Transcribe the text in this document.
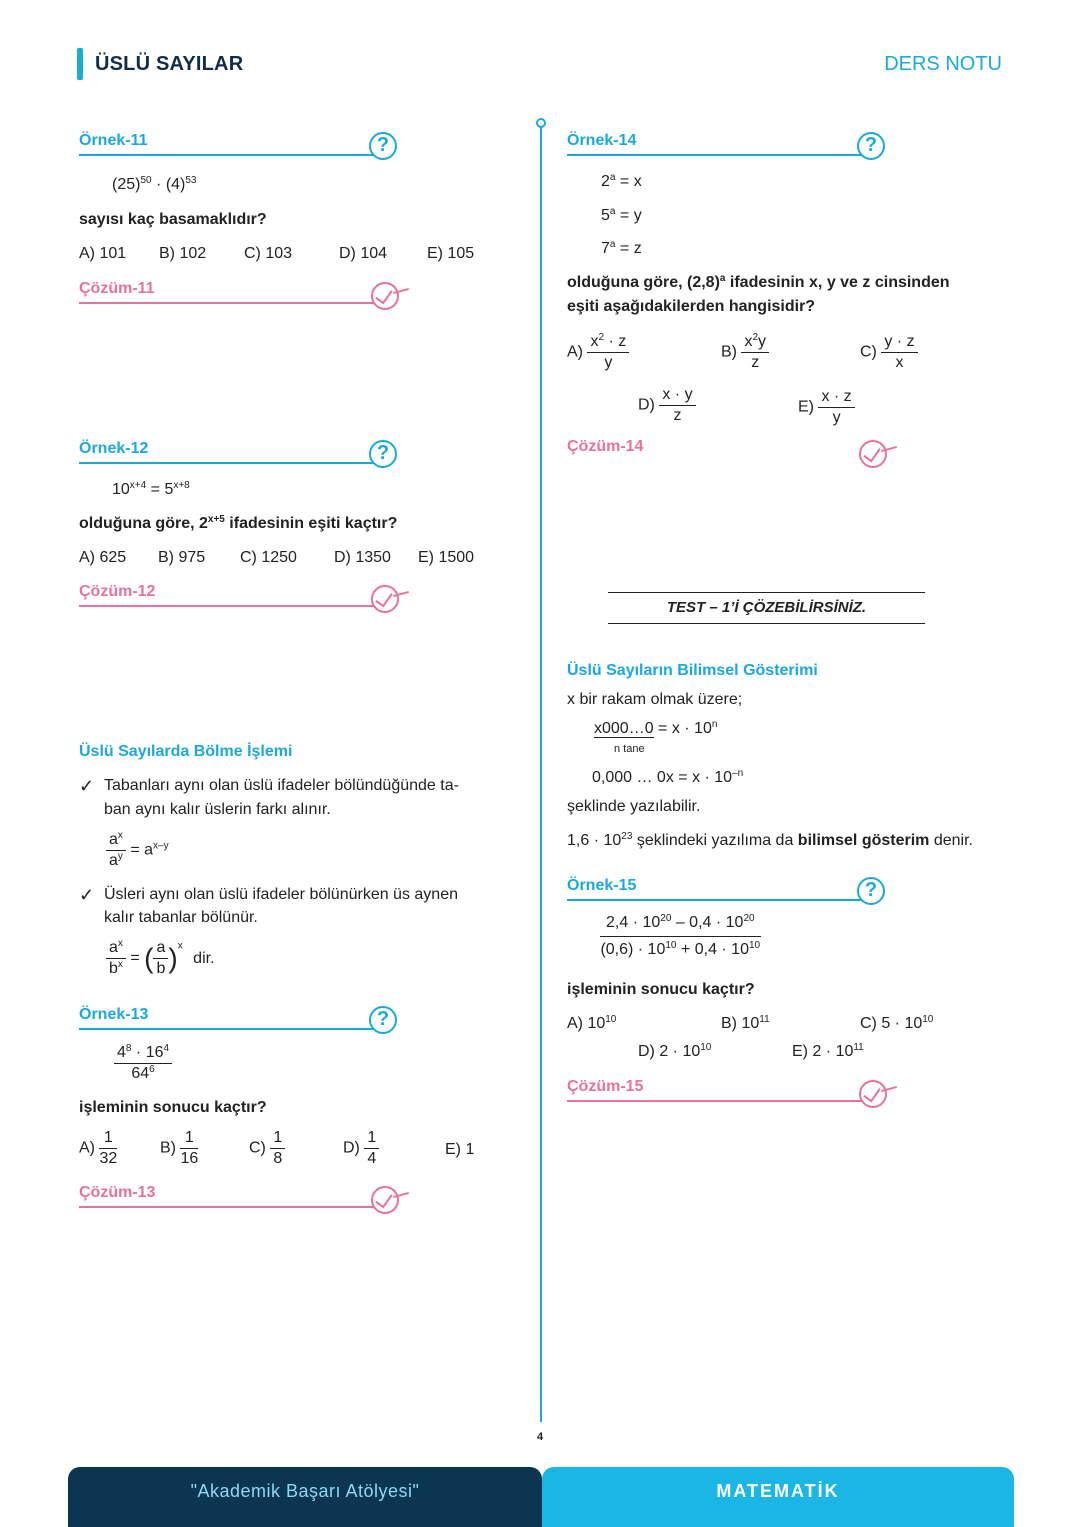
ÜSLÜ SAYILAR	DERS NOTU
Örnek-11	?
$(25)^{50} \cdot (4)^{53}$
sayısı kaç basamaklıdır?
A) 101 B) 102 C) 103	D) 104 E) 105
Çözüm-11
Örnek-12	?
$10^{x+4} = 5^{x+8}$
olduğuna göre, $2^{x+5}$ ifadesinin eşiti kaçtır?
A) 625 B) 975 C) 1250 D) 1350 E) 1500
Çözüm-12
Üslü Sayılarda Bölme İşlemi
✓ Tabanları aynı olan üslü ifadeler bölündüğünde ta-
ban aynı kalır üslerin farkı alınır.
$\frac{a^x}{a^y} = a^{x-y}$
✓ Üsleri aynı olan üslü ifadeler bölünürken üs aynen
kalır tabanlar bölünür.
$\frac{a^x}{b^x}$ = ( $\frac{a}{b} )^x$ dir.
Örnek-13	?
$\frac{4^8 \cdot 16^4}{64^6}$
işleminin sonucu kaçtır?
$A) \frac{1}{32}$	$B) \frac{1}{16}$	$C) \frac{1}{8}$	$D) \frac{1}{4}$	E) 1
Çözüm-13
Örnek-14	?
$2^a = x$
$5^a = y$
$7^a = z$
olduğuna göre, $(2,8)^a$ ifadesinin x, y ve z cinsinden
eşiti aşağıdakilerden hangisidir?
$A) \frac{x^2 \cdot z}{y}$	$B) \frac{x^2y}{z}$	$C) \frac{y \cdot z}{x}$
$D) \frac{x \cdot y}{z}$	$E) \frac{x \cdot z}{y}$
Çözüm-14
TEST – 1’İ ÇÖZEBİLİRSİNİZ.
Üslü Sayıların Bilimsel Gösterimi
x bir rakam olmak üzere;
x000…0 = $x \cdot 10^n$
n tane
0,000 … $0x = x \cdot 10^{-n}$
şeklinde yazılabilir.
$1,6 \cdot 10^{23}$ şeklindeki yazılıma da bilimsel gösterim denir.
Örnek-15	?
$\frac{2,4 \cdot 10^{20} - 0,4 \cdot 10^{20}}{(0,6) \cdot 10^{10} + 0,4 \cdot 10^{10}}$
işleminin sonucu kaçtır?
A) $10^{10}$	B) $10^{11}$	C) $5 \cdot 10^{10}$
D) $2 \cdot 10^{10}$	E) $2 \cdot 10^{11}$
Çözüm-15
4
"Akademik Başarı Atölyesi"	MATEMATİK
